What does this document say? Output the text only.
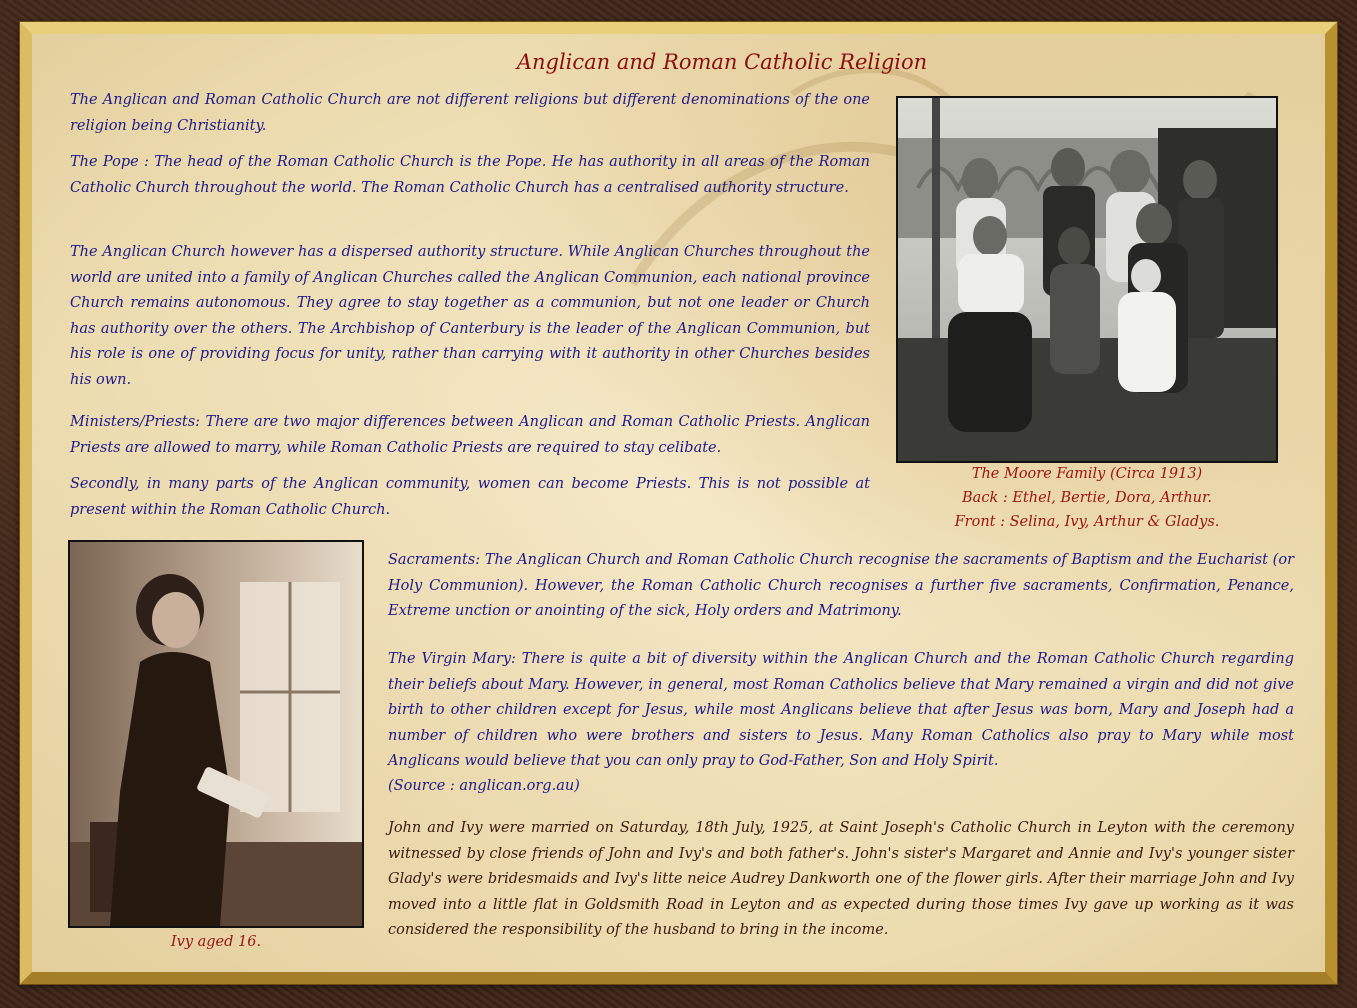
Anglican and Roman Catholic Religion

The Anglican and Roman Catholic Church are not different religions but different denominations of the one religion being Christianity.

The Pope : The head of the Roman Catholic Church is the Pope. He has authority in all areas of the Roman Catholic Church throughout the world. The Roman Catholic Church has a centralised authority structure.

The Anglican Church however has a dispersed authority structure. While Anglican Churches throughout the world are united into a family of Anglican Churches called the Anglican Communion, each national province Church remains autonomous. They agree to stay together as a communion, but not one leader or Church has authority over the others. The Archbishop of Canterbury is the leader of the Anglican Communion, but his role is one of providing focus for unity, rather than carrying with it authority in other Churches besides his own.

Ministers/Priests: There are two major differences between Anglican and Roman Catholic Priests. Anglican Priests are allowed to marry, while Roman Catholic Priests are required to stay celibate.

Secondly, in many parts of the Anglican community, women can become Priests. This is not possible at present within the Roman Catholic Church.

The Moore Family (Circa 1913)
Back : Ethel, Bertie, Dora, Arthur.
Front : Selina, Ivy, Arthur & Gladys.
Ivy aged 16.

Sacraments: The Anglican Church and Roman Catholic Church recognise the sacraments of Baptism and the Eucharist (or Holy Communion). However, the Roman Catholic Church recognises a further five sacraments, Confirmation, Penance, Extreme unction or anointing of the sick, Holy orders and Matrimony.

The Virgin Mary: There is quite a bit of diversity within the Anglican Church and the Roman Catholic Church regarding their beliefs about Mary. However, in general, most Roman Catholics believe that Mary remained a virgin and did not give birth to other children except for Jesus, while most Anglicans believe that after Jesus was born, Mary and Joseph had a number of children who were brothers and sisters to Jesus. Many Roman Catholics also pray to Mary while most Anglicans would believe that you can only pray to God-Father, Son and Holy Spirit.

(Source : anglican.org.au)

John and Ivy were married on Saturday, 18th July, 1925, at Saint Joseph's Catholic Church in Leyton with the ceremony witnessed by close friends of John and Ivy's and both father's. John's sister's Margaret and Annie and Ivy's younger sister Glady's were bridesmaids and Ivy's litte neice Audrey Dankworth one of the flower girls. After their marriage John and Ivy moved into a little flat in Goldsmith Road in Leyton and as expected during those times Ivy gave up working as it was considered the responsibility of the husband to bring in the income.
